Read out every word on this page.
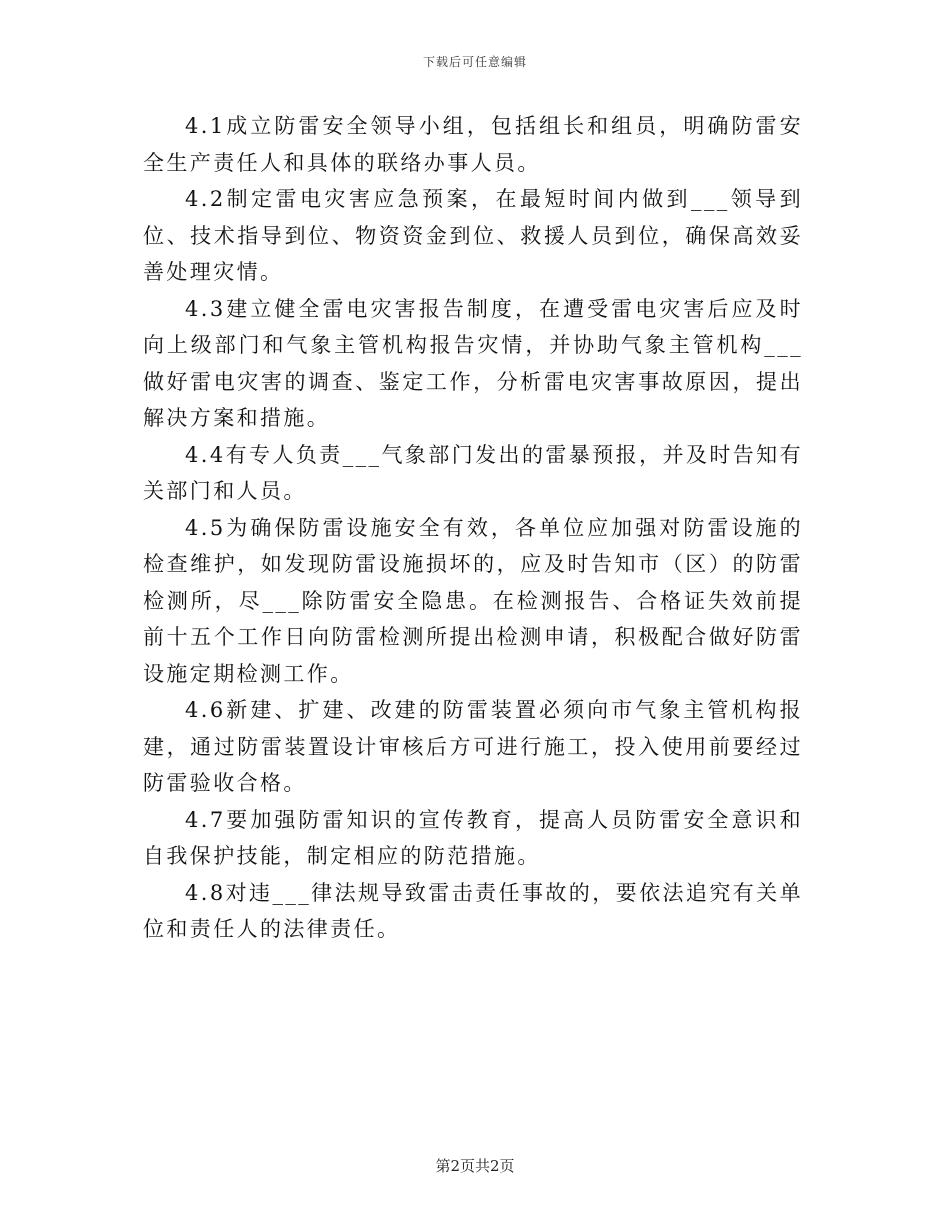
下载后可任意编辑

4.1成立防雷安全领导小组，包括组长和组员，明确防雷安全生产责任人和具体的联络办事人员。

4.2制定雷电灾害应急预案，在最短时间内做到___领导到位、技术指导到位、物资资金到位、救援人员到位，确保高效妥善处理灾情。

4.3建立健全雷电灾害报告制度，在遭受雷电灾害后应及时向上级部门和气象主管机构报告灾情，并协助气象主管机构___做好雷电灾害的调查、鉴定工作，分析雷电灾害事故原因，提出解决方案和措施。

4.4有专人负责___气象部门发出的雷暴预报，并及时告知有关部门和人员。

4.5为确保防雷设施安全有效，各单位应加强对防雷设施的检查维护，如发现防雷设施损坏的，应及时告知市（区）的防雷检测所，尽___除防雷安全隐患。在检测报告、合格证失效前提前十五个工作日向防雷检测所提出检测申请，积极配合做好防雷设施定期检测工作。

4.6新建、扩建、改建的防雷装置必须向市气象主管机构报建，通过防雷装置设计审核后方可进行施工，投入使用前要经过防雷验收合格。

4.7要加强防雷知识的宣传教育，提高人员防雷安全意识和自我保护技能，制定相应的防范措施。

4.8对违___律法规导致雷击责任事故的，要依法追究有关单位和责任人的法律责任。

第2页共2页
